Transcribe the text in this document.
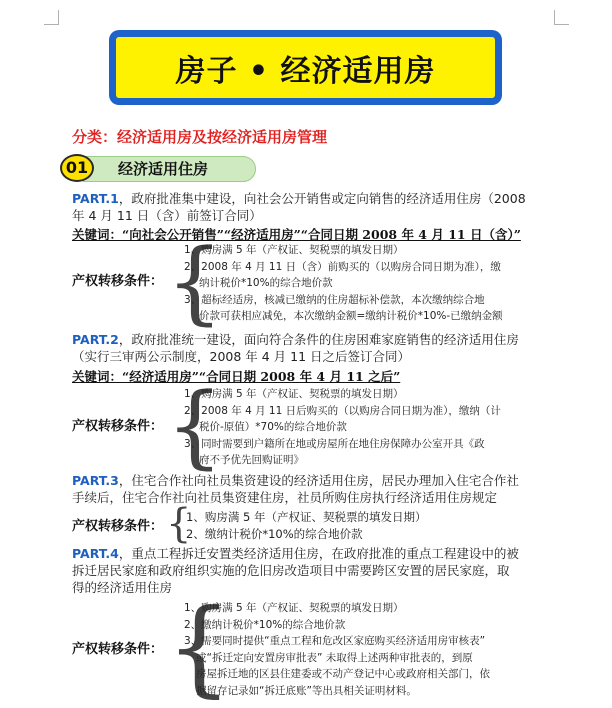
房子 • 经济适用房
分类：经济适用房及按经济适用房管理
01	经济适用住房
PART.1，政府批准集中建设，向社会公开销售或定向销售的经济适用住房（2008
年 4 月 11 日（含）前签订合同）
关键词：“向社会公开销售”“经济适用房”“合同日期 2008 年 4 月 11 日（含）”
产权转移条件： {
1、购房满 5 年（产权证、契税票的填发日期）
2、2008 年 4 月 11 日（含）前购买的（以购房合同日期为准），缴
纳计税价*10%的综合地价款
3、超标经适房，核减已缴纳的住房超标补偿款，本次缴纳综合地
价款可获相应减免，本次缴纳金额=缴纳计税价*10%-已缴纳金额
PART.2，政府批准统一建设，面向符合条件的住房困难家庭销售的经济适用住房
（实行三审两公示制度，2008 年 4 月 11 日之后签订合同）
关键词：“经济适用房”“合同日期 2008 年 4 月 11 之后”
产权转移条件： {
1、购房满 5 年（产权证、契税票的填发日期）
2、2008 年 4 月 11 日后购买的（以购房合同日期为准），缴纳（计
税价-原值）*70%的综合地价款
3、同时需要到户籍所在地或房屋所在地住房保障办公室开具《政
府不予优先回购证明》
PART.3，住宅合作社向社员集资建设的经济适用住房，居民办理加入住宅合作社
手续后，住宅合作社向社员集资建住房，社员所购住房执行经济适用住房规定
产权转移条件： {
1、购房满 5 年（产权证、契税票的填发日期）
2、缴纳计税价*10%的综合地价款
PART.4，重点工程拆迁安置类经济适用住房，在政府批准的重点工程建设中的被
拆迁居民家庭和政府组织实施的危旧房改造项目中需要跨区安置的居民家庭，取
得的经济适用住房
产权转移条件： {
1、购房满 5 年（产权证、契税票的填发日期）
2、缴纳计税价*10%的综合地价款
3、需要同时提供“重点工程和危改区家庭购买经济适用房审核表”
或“拆迁定向安置房审批表” 未取得上述两种审批表的，到原
房屋拆迁地的区县住建委或不动产登记中心或政府相关部门，依
据留存记录如“拆迁底账”等出具相关证明材料。
